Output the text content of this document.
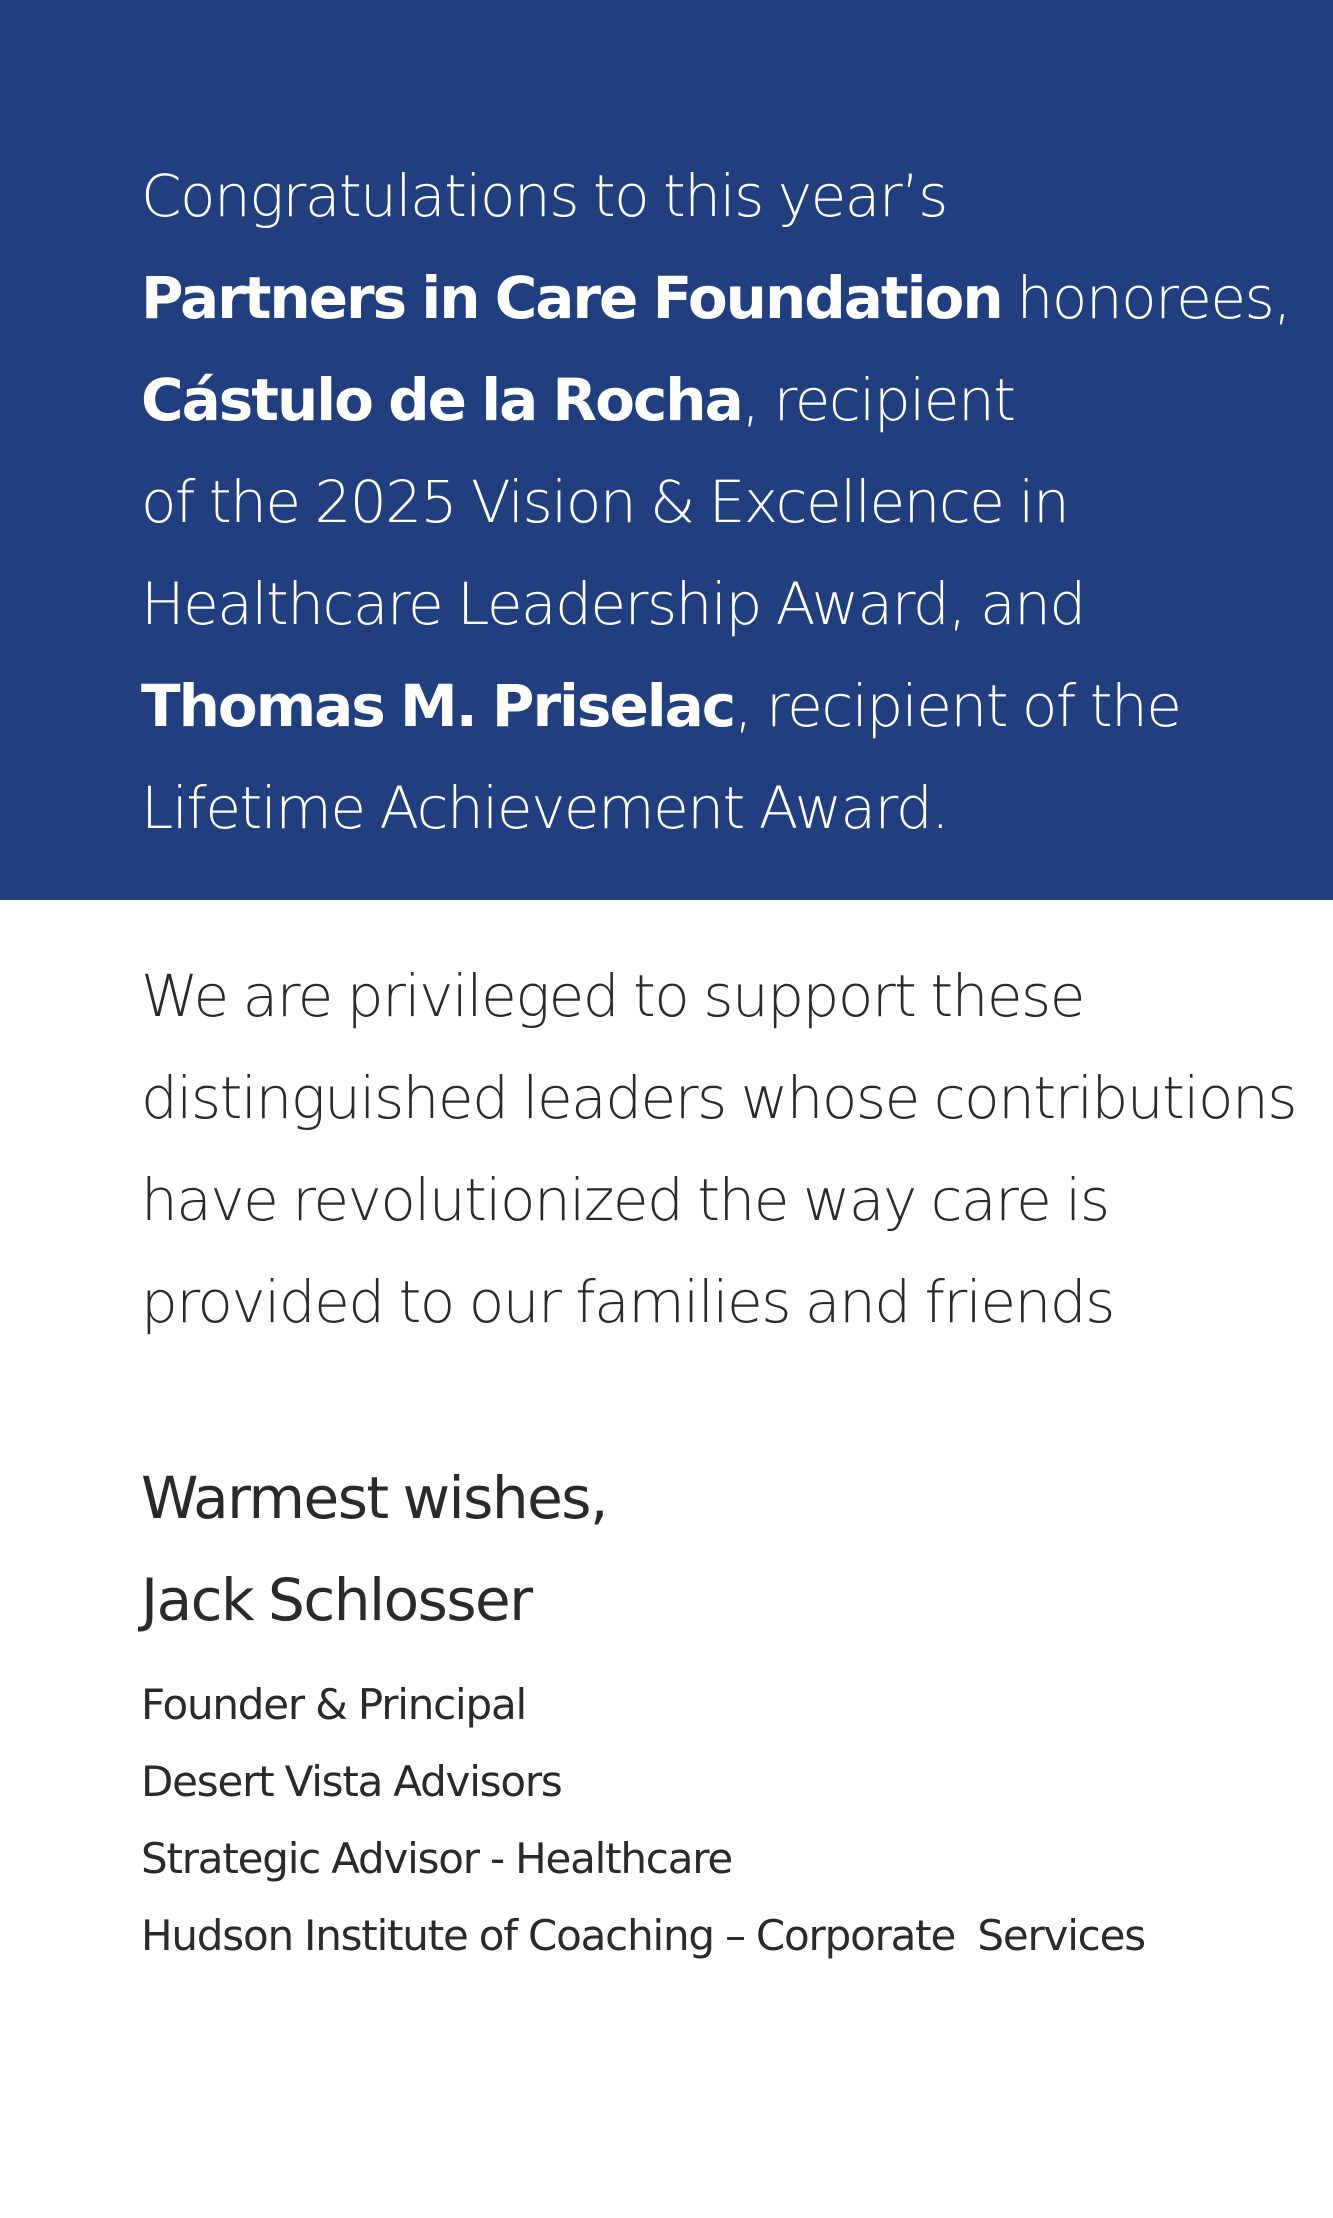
Congratulations to this year’s
Partners in Care Foundation honorees,
Cástulo de la Rocha, recipient
of the 2025 Vision & Excellence in
Healthcare Leadership Award, and
Thomas M. Priselac, recipient of the
Lifetime Achievement Award.
We are privileged to support these
distinguished leaders whose contributions
have revolutionized the way care is
provided to our families and friends
Warmest wishes,
Jack Schlosser
Founder & Principal
Desert Vista Advisors
Strategic Advisor - Healthcare
Hudson Institute of Coaching – Corporate  Services
